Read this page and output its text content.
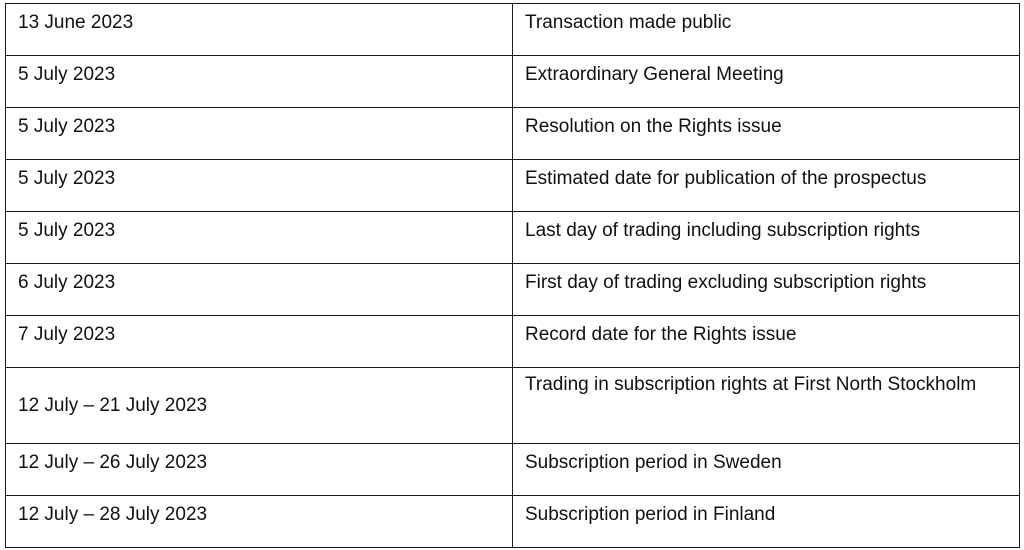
13 June 2023	Transaction made public
5 July 2023	Extraordinary General Meeting
5 July 2023	Resolution on the Rights issue
5 July 2023	Estimated date for publication of the prospectus
5 July 2023	Last day of trading including subscription rights
6 July 2023	First day of trading excluding subscription rights
7 July 2023	Record date for the Rights issue
12 July – 21 July 2023	Trading in subscription rights at First North Stockholm
12 July – 26 July 2023	Subscription period in Sweden
12 July – 28 July 2023	Subscription period in Finland
